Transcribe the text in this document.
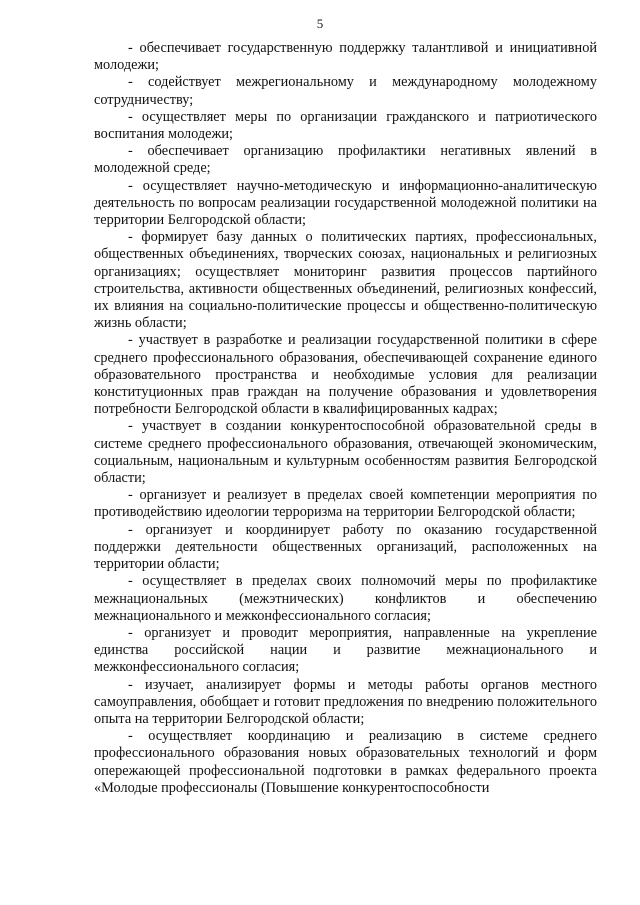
5

- обеспечивает государственную поддержку талантливой и инициативной молодежи;

- содействует межрегиональному и международному молодежному сотрудничеству;

- осуществляет меры по организации гражданского и патриотического воспитания молодежи;

- обеспечивает организацию профилактики негативных явлений в молодежной среде;

- осуществляет научно-методическую и информационно-аналитическую деятельность по вопросам реализации государственной молодежной политики на территории Белгородской области;

- формирует базу данных о политических партиях, профессиональных, общественных объединениях, творческих союзах, национальных и религиозных организациях; осуществляет мониторинг развития процессов партийного строительства, активности общественных объединений, религиозных конфессий, их влияния на социально-политические процессы и общественно-политическую жизнь области;

- участвует в разработке и реализации государственной политики в сфере среднего профессионального образования, обеспечивающей сохранение единого образовательного пространства и необходимые условия для реализации конституционных прав граждан на получение образования и удовлетворения потребности Белгородской области в квалифицированных кадрах;

- участвует в создании конкурентоспособной образовательной среды в системе среднего профессионального образования, отвечающей экономическим, социальным, национальным и культурным особенностям развития Белгородской области;

- организует и реализует в пределах своей компетенции мероприятия по противодействию идеологии терроризма на территории Белгородской области;

- организует и координирует работу по оказанию государственной поддержки деятельности общественных организаций, расположенных на территории области;

- осуществляет в пределах своих полномочий меры по профилактике межнациональных (межэтнических) конфликтов и обеспечению межнационального и межконфессионального согласия;

- организует и проводит мероприятия, направленные на укрепление единства российской нации и развитие межнационального и межконфессионального согласия;

- изучает, анализирует формы и методы работы органов местного самоуправления, обобщает и готовит предложения по внедрению положительного опыта на территории Белгородской области;

- осуществляет координацию и реализацию в системе среднего профессионального образования новых образовательных технологий и форм опережающей профессиональной подготовки в рамках федерального проекта «Молодые профессионалы (Повышение конкурентоспособности
